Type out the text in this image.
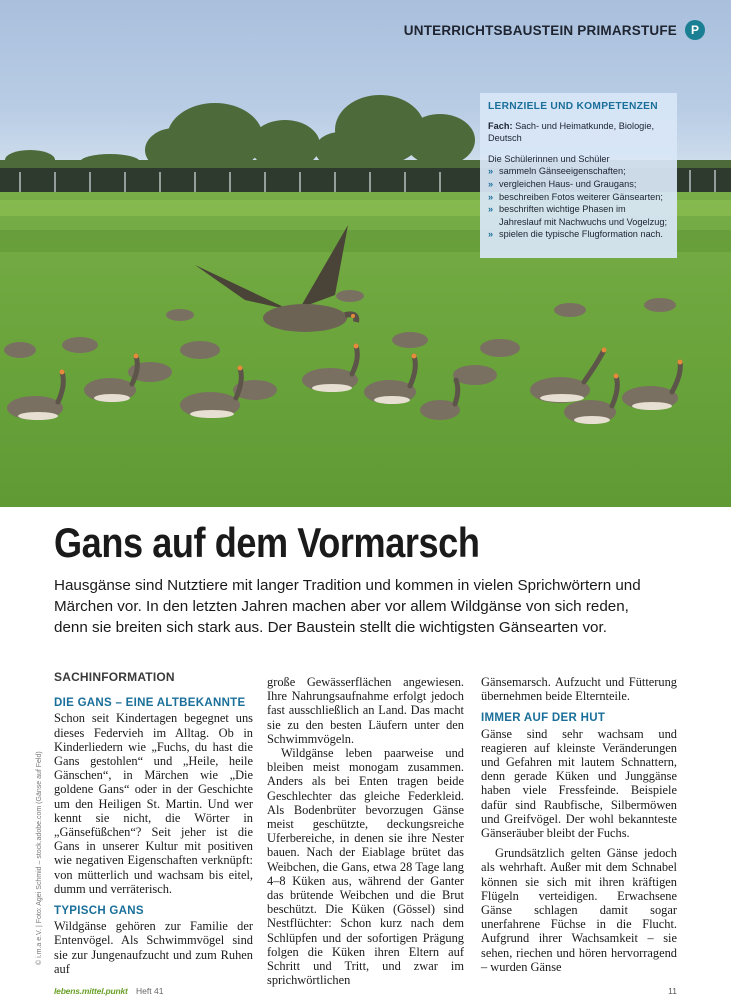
UNTERRICHTSBAUSTEIN PRIMARSTUFE	P
LERNZIELE UND KOMPETENZEN
Fach: Sach- und Heimatkunde, Biologie, Deutsch
Die Schülerinnen und Schüler
» sammeln Gänseeigenschaften;
» vergleichen Haus- und Graugans;
» beschreiben Fotos weiterer Gänsearten;
» beschriften wichtige Phasen im Jahreslauf mit Nachwuchs und Vogelzug;
» spielen die typische Flugformation nach.
Gans auf dem Vormarsch

Hausgänse sind Nutztiere mit langer Tradition und kommen in vielen Sprichwörtern und Märchen vor. In den letzten Jahren machen aber vor allem Wildgänse von sich reden, denn sie breiten sich stark aus. Der Baustein stellt die wichtigsten Gänsearten vor.

SACHINFORMATION
DIE GANS – EINE ALTBEKANNTE

Schon seit Kindertagen begegnet uns dieses Federvieh im Alltag. Ob in Kinderliedern wie „Fuchs, du hast die Gans gestohlen“ und „Heile, heile Gänschen“, in Märchen wie „Die goldene Gans“ oder in der Geschichte um den Heiligen St. Martin. Und wer kennt sie nicht, die Wörter in „Gänsefüßchen“? Seit jeher ist die Gans in unserer Kultur mit positiven wie negativen Eigenschaften verknüpft: von mütterlich und wachsam bis eitel, dumm und verräterisch.

TYPISCH GANS

Wildgänse gehören zur Familie der Entenvögel. Als Schwimmvögel sind sie zur Jungenaufzucht und zum Ruhen auf

große Gewässerflächen angewiesen. Ihre Nahrungsaufnahme erfolgt jedoch fast ausschließlich an Land. Das macht sie zu den besten Läufern unter den Schwimmvögeln.

Wildgänse leben paarweise und bleiben meist monogam zusammen. Anders als bei Enten tragen beide Geschlechter das gleiche Federkleid. Als Bodenbrüter bevorzugen Gänse meist geschützte, deckungsreiche Uferbereiche, in denen sie ihre Nester bauen. Nach der Eiablage brütet das Weibchen, die Gans, etwa 28 Tage lang 4–8 Küken aus, während der Ganter das brütende Weibchen und die Brut beschützt. Die Küken (Gössel) sind Nestflüchter: Schon kurz nach dem Schlüpfen und der sofortigen Prägung folgen die Küken ihren Eltern auf Schritt und Tritt, und zwar im sprichwörtlichen

Gänsemarsch. Aufzucht und Fütterung übernehmen beide Elternteile.

IMMER AUF DER HUT

Gänse sind sehr wachsam und reagieren auf kleinste Veränderungen und Gefahren mit lautem Schnattern, denn gerade Küken und Junggänse haben viele Fressfeinde. Beispiele dafür sind Raubfische, Silbermöwen und Greifvögel. Der wohl bekannteste Gänseräuber bleibt der Fuchs.

Grundsätzlich gelten Gänse jedoch als wehrhaft. Außer mit dem Schnabel können sie sich mit ihren kräftigen Flügeln verteidigen. Erwachsene Gänse schlagen damit sogar unerfahrene Füchse in die Flucht. Aufgrund ihrer Wachsamkeit – sie sehen, riechen und hören hervorragend – wurden Gänse

© i.m.a e.V. | Foto: Agei Schmid – stock.adobe.com (Gänse auf Feld)
lebens.mittel.punkt Heft 41	11
